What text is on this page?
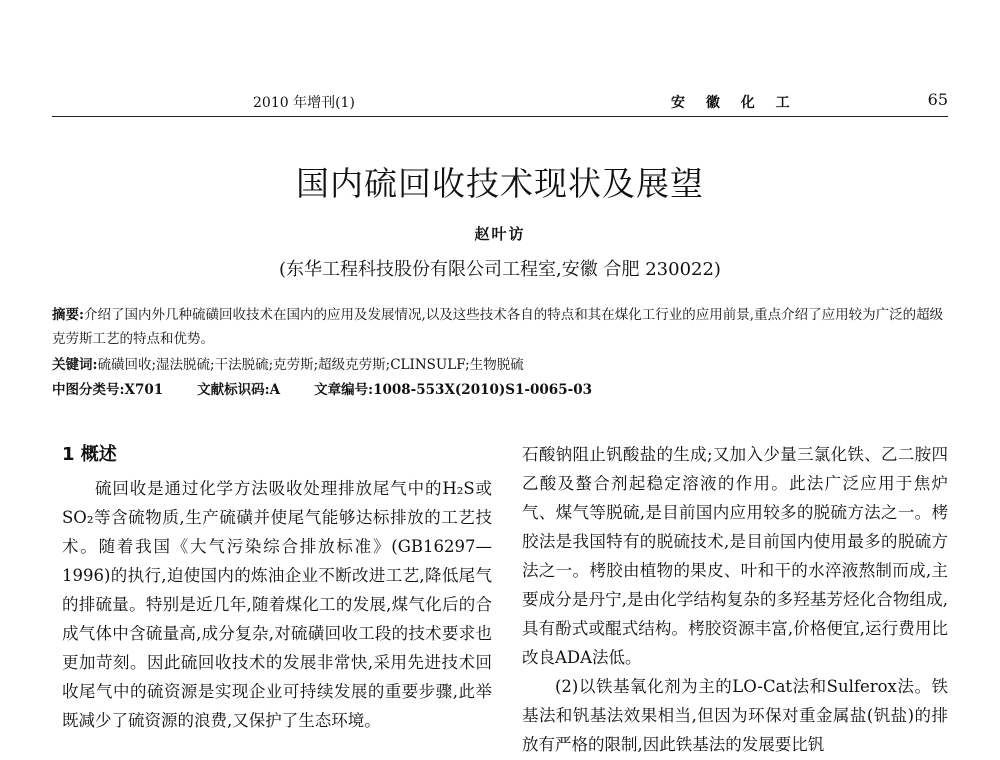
2010 年增刊(1)	安 徽 化 工	65
国内硫回收技术现状及展望
赵叶访
(东华工程科技股份有限公司工程室,安徽 合肥 230022)
摘要:介绍了国内外几种硫磺回收技术在国内的应用及发展情况,以及这些技术各自的特点和其在煤化工行业的应用前景,重点介绍了应用较为广泛的超级克劳斯工艺的特点和优势。
关键词:硫磺回收;湿法脱硫;干法脱硫;克劳斯;超级克劳斯;CLINSULF;生物脱硫
中图分类号:X701	文献标识码:A	文章编号:1008-553X(2010)S1-0065-03
1 概述

硫回收是通过化学方法吸收处理排放尾气中的H₂S或SO₂等含硫物质,生产硫磺并使尾气能够达标排放的工艺技术。随着我国《大气污染综合排放标准》(GB16297—1996)的执行,迫使国内的炼油企业不断改进工艺,降低尾气的排硫量。特别是近几年,随着煤化工的发展,煤气化后的合成气体中含硫量高,成分复杂,对硫磺回收工段的技术要求也更加苛刻。因此硫回收技术的发展非常快,采用先进技术回收尾气中的硫资源是实现企业可持续发展的重要步骤,此举既减少了硫资源的浪费,又保护了生态环境。

石酸钠阻止钒酸盐的生成;又加入少量三氯化铁、乙二胺四乙酸及螯合剂起稳定溶液的作用。此法广泛应用于焦炉气、煤气等脱硫,是目前国内应用较多的脱硫方法之一。栲胶法是我国特有的脱硫技术,是目前国内使用最多的脱硫方法之一。栲胶由植物的果皮、叶和干的水淬液熬制而成,主要成分是丹宁,是由化学结构复杂的多羟基芳烃化合物组成,具有酚式或醌式结构。栲胶资源丰富,价格便宜,运行费用比改良ADA法低。

(2)以铁基氧化剂为主的LO-Cat法和Sulferox法。铁基法和钒基法效果相当,但因为环保对重金属盐(钒盐)的排放有严格的限制,因此铁基法的发展要比钒
